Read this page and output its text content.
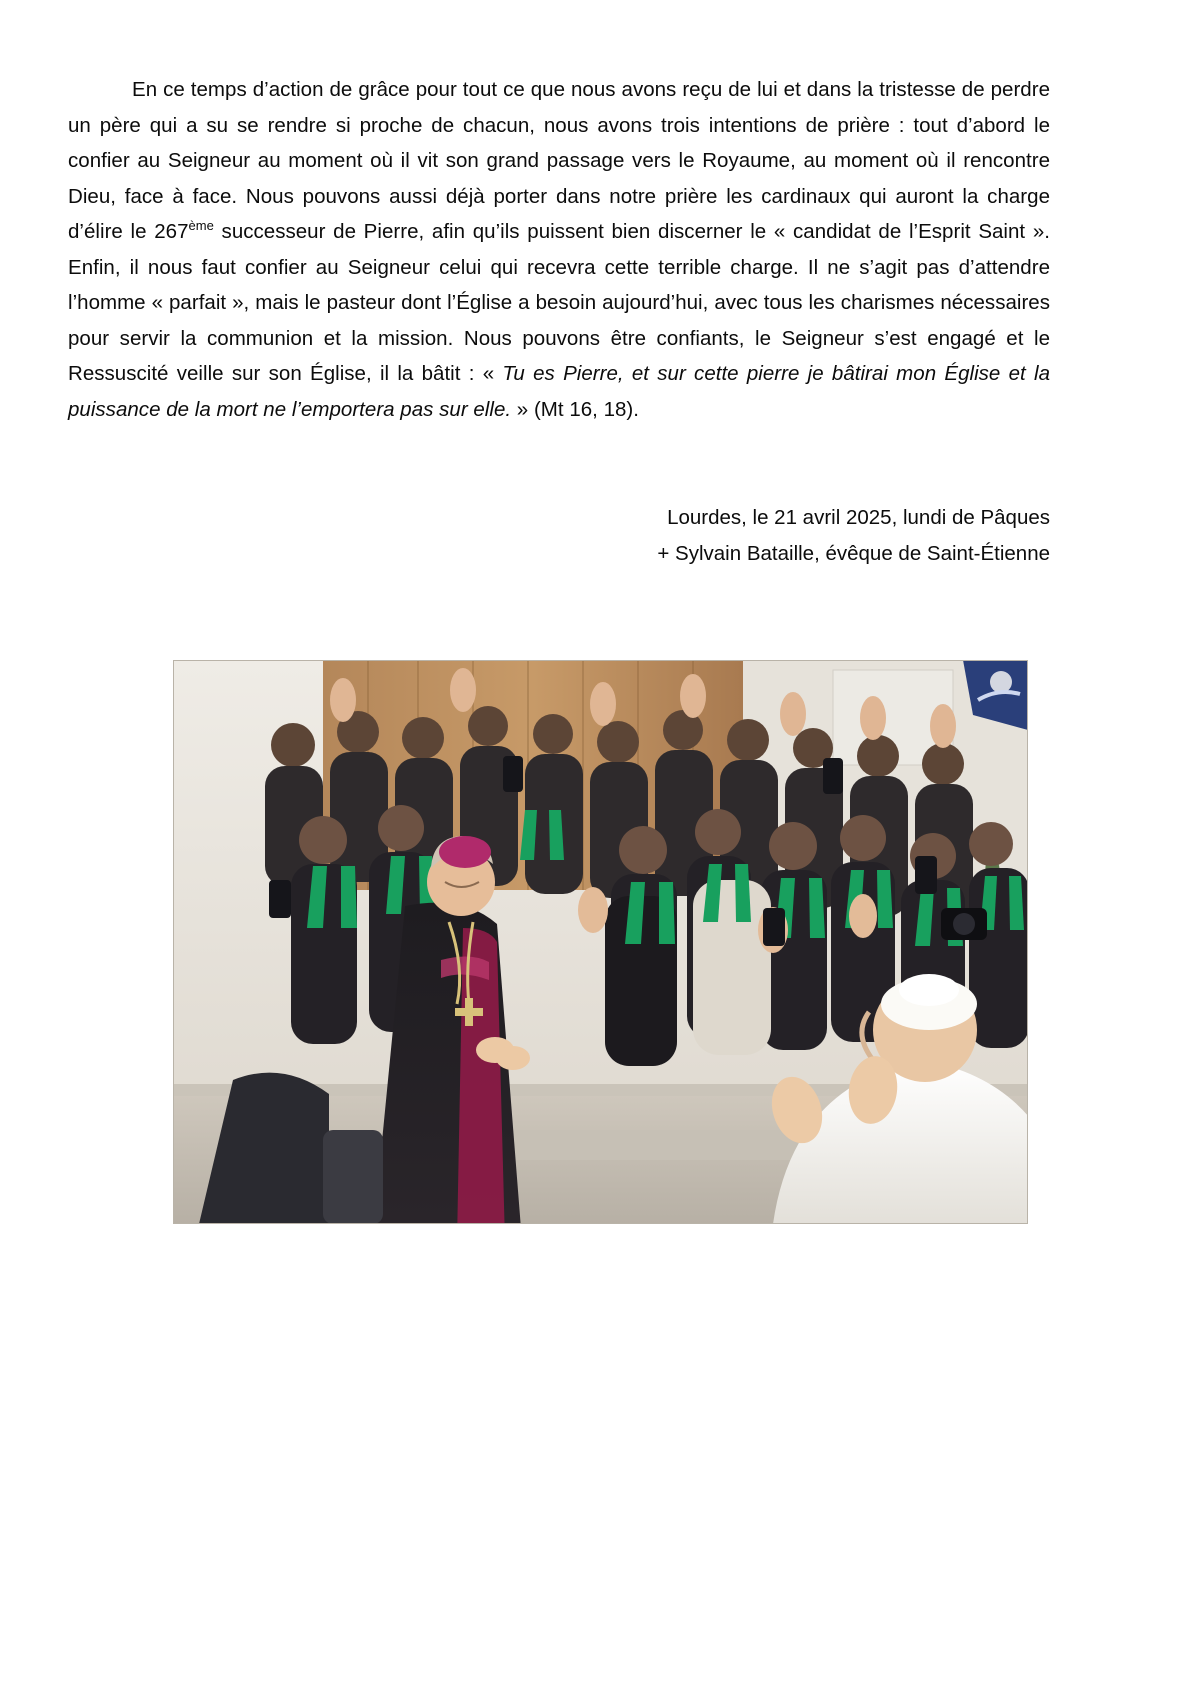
En ce temps d’action de grâce pour tout ce que nous avons reçu de lui et dans la tristesse de perdre un père qui a su se rendre si proche de chacun, nous avons trois intentions de prière : tout d’abord le confier au Seigneur au moment où il vit son grand passage vers le Royaume, au moment où il rencontre Dieu, face à face. Nous pouvons aussi déjà porter dans notre prière les cardinaux qui auront la charge d’élire le 267ème successeur de Pierre, afin qu’ils puissent bien discerner le « candidat de l’Esprit Saint ». Enfin, il nous faut confier au Seigneur celui qui recevra cette terrible charge. Il ne s’agit pas d’attendre l’homme « parfait », mais le pasteur dont l’Église a besoin aujourd’hui, avec tous les charismes nécessaires pour servir la communion et la mission. Nous pouvons être confiants, le Seigneur s’est engagé et le Ressuscité veille sur son Église, il la bâtit : « Tu es Pierre, et sur cette pierre je bâtirai mon Église et la puissance de la mort ne l’emportera pas sur elle. » (Mt 16, 18).

Lourdes, le 21 avril 2025, lundi de Pâques
+ Sylvain Bataille, évêque de Saint-Étienne
